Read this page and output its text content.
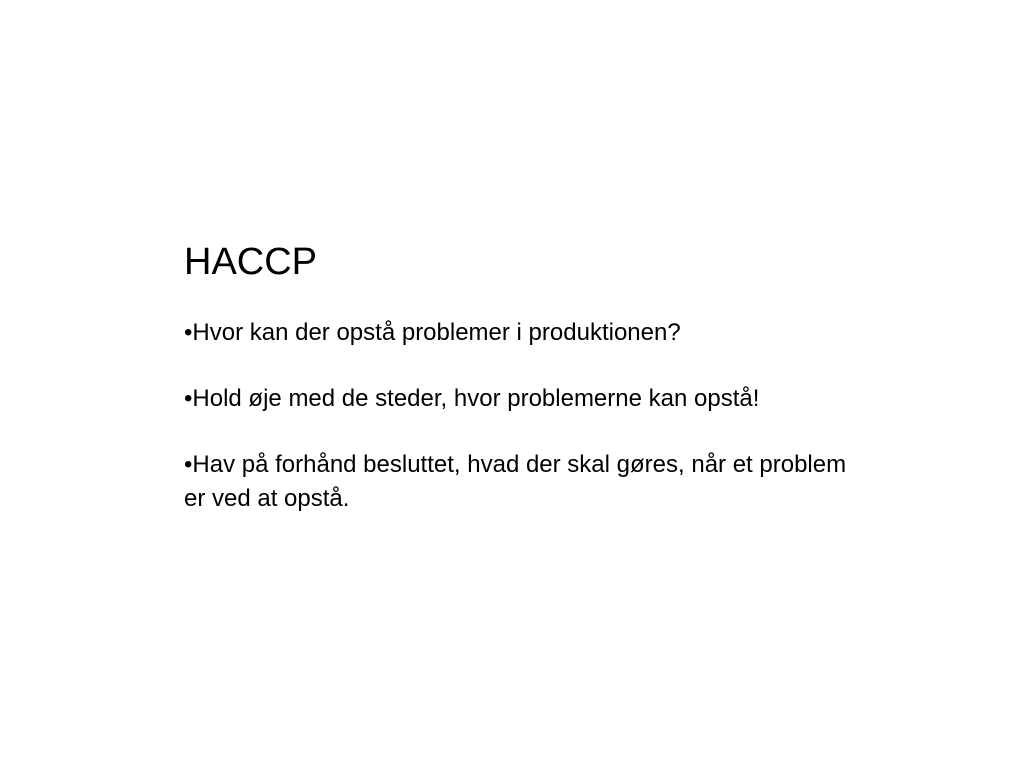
HACCP
•Hvor kan der opstå problemer i produktionen?
•Hold øje med de steder, hvor problemerne kan opstå!
•Hav på forhånd besluttet, hvad der skal gøres, når et problem er ved at opstå.
